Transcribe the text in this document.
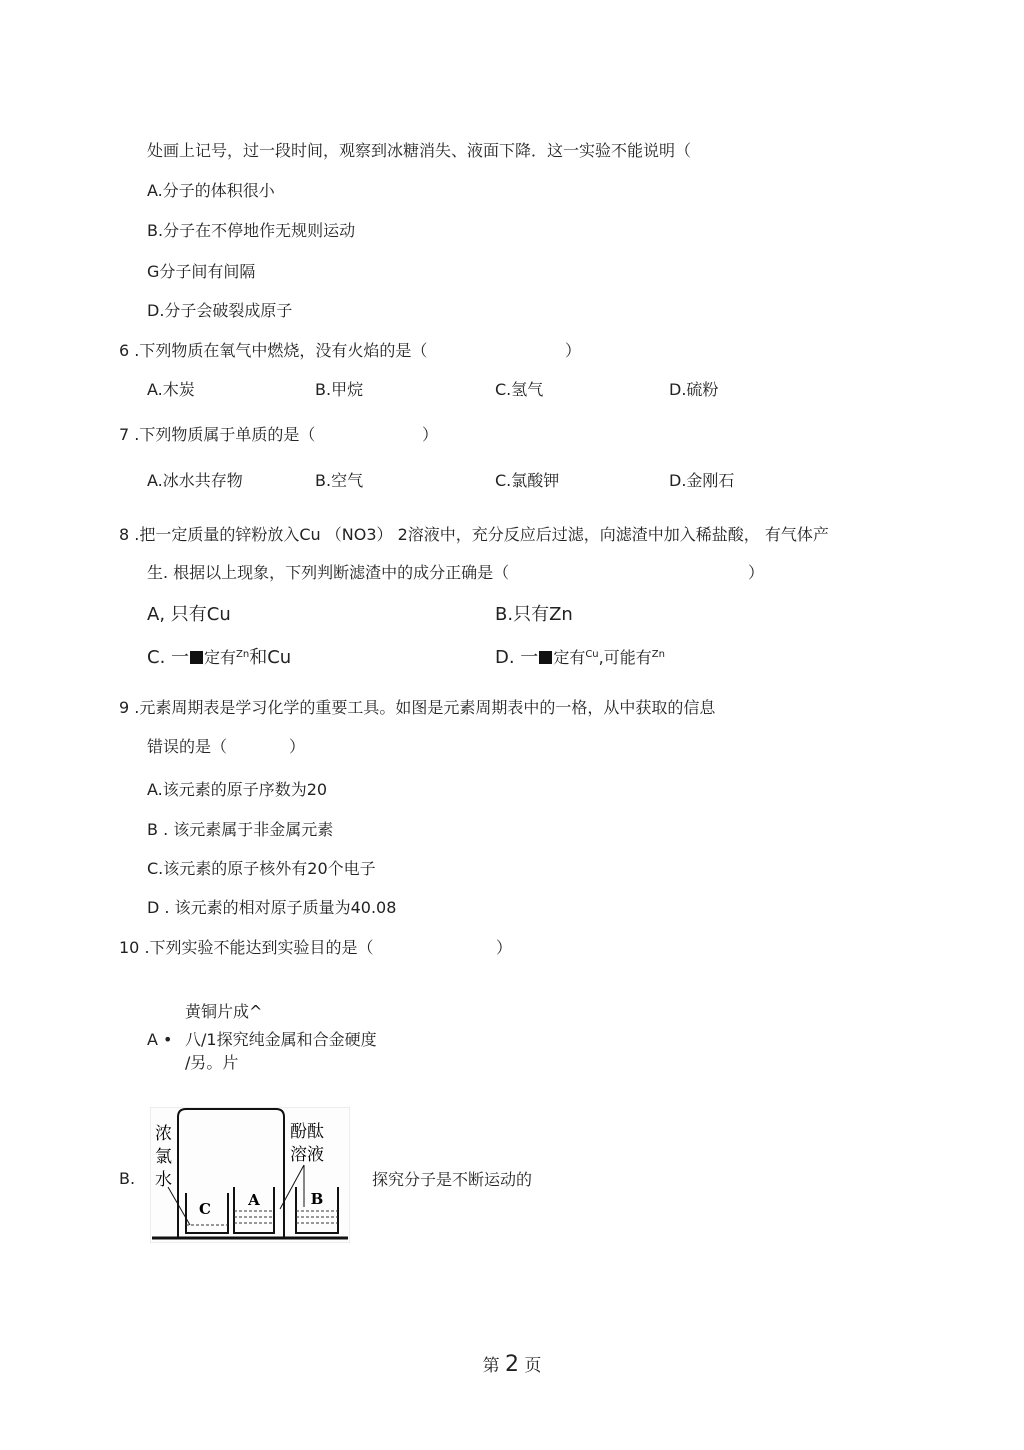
处画上记号，过一段时间，观察到冰糖消失、液面下降．这一实验不能说明（
A.分子的体积很小
B.分子在不停地作无规则运动
G分子间有间隔
D.分子会破裂成原子
6 .下列物质在氧气中燃烧，没有火焰的是（	）
A.木炭	B.甲烷	C.氢气	D.硫粉
7 .下列物质属于单质的是（	）
A.冰水共存物	B.空气	C.氯酸钾	D.金刚石
8 .把一定质量的锌粉放入Cu （NO3） 2溶液中，充分反应后过滤，向滤渣中加入稀盐酸， 有气体产
生. 根据以上现象，下列判断滤渣中的成分正确是（	）
A, 只有Cu	B.只有Zn
C. 一 定有$^{Zn}$和Cu	D. 一 定有$^{Cu}$,可能有$^{Zn}$
9 .元素周期表是学习化学的重要工具。如图是元素周期表中的一格，从中获取的信息
错误的是（	）
A.该元素的原子序数为20
B . 该元素属于非金属元素
C.该元素的原子核外有20个电子
D . 该元素的相对原子质量为40.08
10 .下列实验不能达到实验目的是（	）
黄铜片成^
A • 八/1探究纯金属和合金硬度
/另。片
B.
C A	B
浓
氯
水
酚酞
溶液
探究分子是不断运动的
第 2 页
